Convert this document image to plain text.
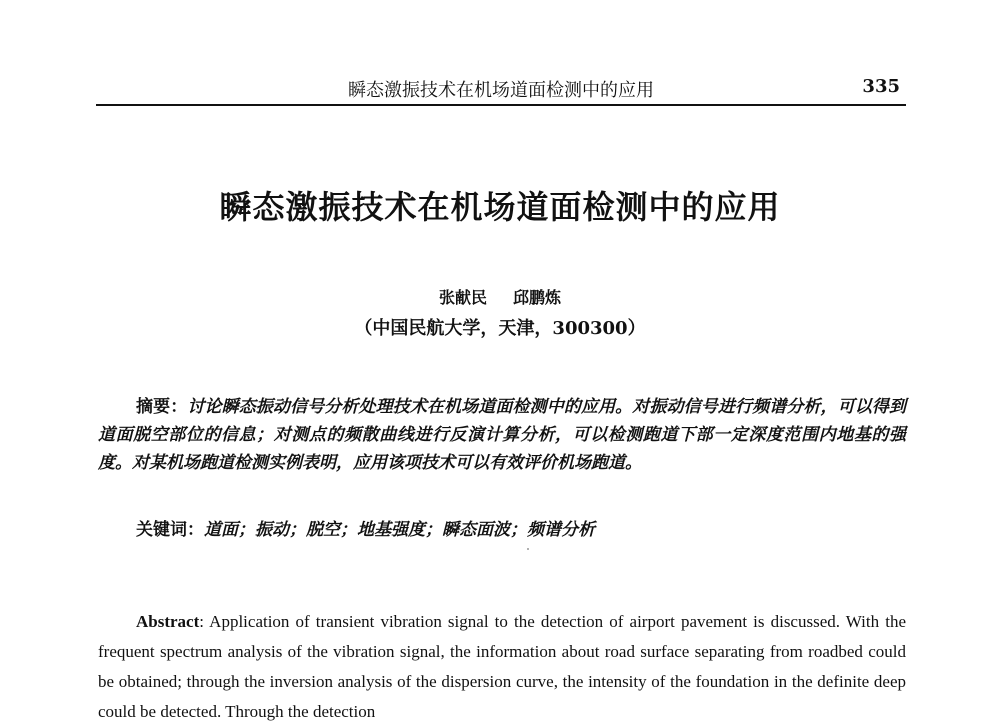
瞬态激振技术在机场道面检测中的应用	335
瞬态激振技术在机场道面检测中的应用
张献民 邱鹏炼
（中国民航大学，天津，300300）
摘要：讨论瞬态振动信号分析处理技术在机场道面检测中的应用。对振动信号进行频谱分析，可以得到道面脱空部位的信息；对测点的频散曲线进行反演计算分析，可以检测跑道下部一定深度范围内地基的强度。对某机场跑道检测实例表明，应用该项技术可以有效评价机场跑道。
关键词：道面；振动；脱空；地基强度；瞬态面波；频谱分析
Abstract: Application of transient vibration signal to the detection of airport pavement is discussed. With the frequent spectrum analysis of the vibration signal, the information about road surface separating from roadbed could be obtained; through the inversion analysis of the dispersion curve, the intensity of the foundation in the definite deep could be detected. Through the detection
